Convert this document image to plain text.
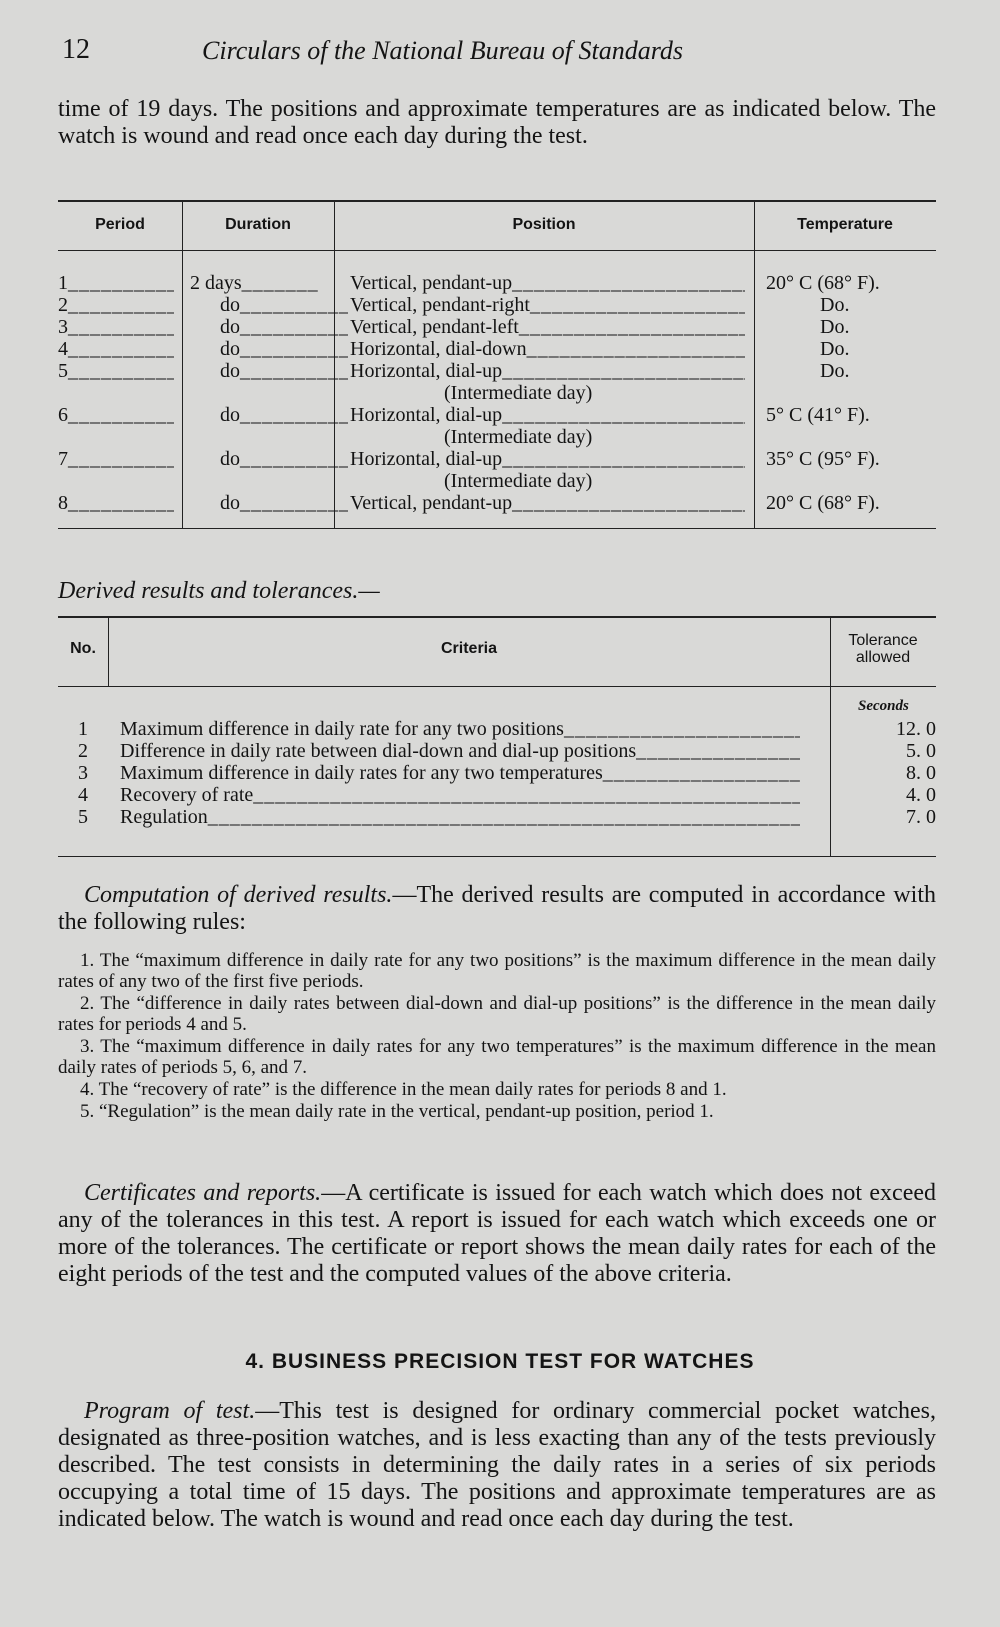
12	Circulars of the National Bureau of Standards
time of 19 days. The positions and approximate temperatures are as indicated below. The watch is wound and read once each day during the test.
Period	Duration	Position	Temperature
1 _____	2 days _____	Vertical, pendant-up _____	20° C (68° F).
2 _____	do _____	Vertical, pendant-right _____	Do.
3 _____	do _____	Vertical, pendant-left _____	Do.
4 _____	do _____	Horizontal, dial-down _____	Do.
5 _____	do _____	Horizontal, dial-up _____	Do.
(Intermediate day)
6 _____	do _____	Horizontal, dial-up _____	5° C (41° F).
(Intermediate day)
7 _____	do _____	Horizontal, dial-up _____	35° C (95° F).
(Intermediate day)
8 _____	do _____	Vertical, pendant-up _____	20° C (68° F).
Derived results and tolerances.—
No.	Criteria	Tolerance allowed
Seconds
1	Maximum difference in daily rate for any two positions _____	12. 0
2	Difference in daily rate between dial-down and dial-up positions _____	5. 0
3	Maximum difference in daily rates for any two temperatures _____	8. 0
4	Recovery of rate _____	4. 0
5	Regulation _____	7. 0
Computation of derived results.—The derived results are computed in accordance with the following rules:
1. The “maximum difference in daily rate for any two positions” is the maximum difference in the mean daily rates of any two of the first five periods.
2. The “difference in daily rates between dial-down and dial-up positions” is the difference in the mean daily rates for periods 4 and 5.
3. The “maximum difference in daily rates for any two temperatures” is the maximum difference in the mean daily rates of periods 5, 6, and 7.
4. The “recovery of rate” is the difference in the mean daily rates for periods 8 and 1.
5. “Regulation” is the mean daily rate in the vertical, pendant-up position, period 1.
Certificates and reports.—A certificate is issued for each watch which does not exceed any of the tolerances in this test. A report is issued for each watch which exceeds one or more of the tolerances. The certificate or report shows the mean daily rates for each of the eight periods of the test and the computed values of the above criteria.
4. BUSINESS PRECISION TEST FOR WATCHES
Program of test.—This test is designed for ordinary commercial pocket watches, designated as three-position watches, and is less exacting than any of the tests previously described. The test consists in determining the daily rates in a series of six periods occupying a total time of 15 days. The positions and approximate temperatures are as indicated below. The watch is wound and read once each day during the test.
